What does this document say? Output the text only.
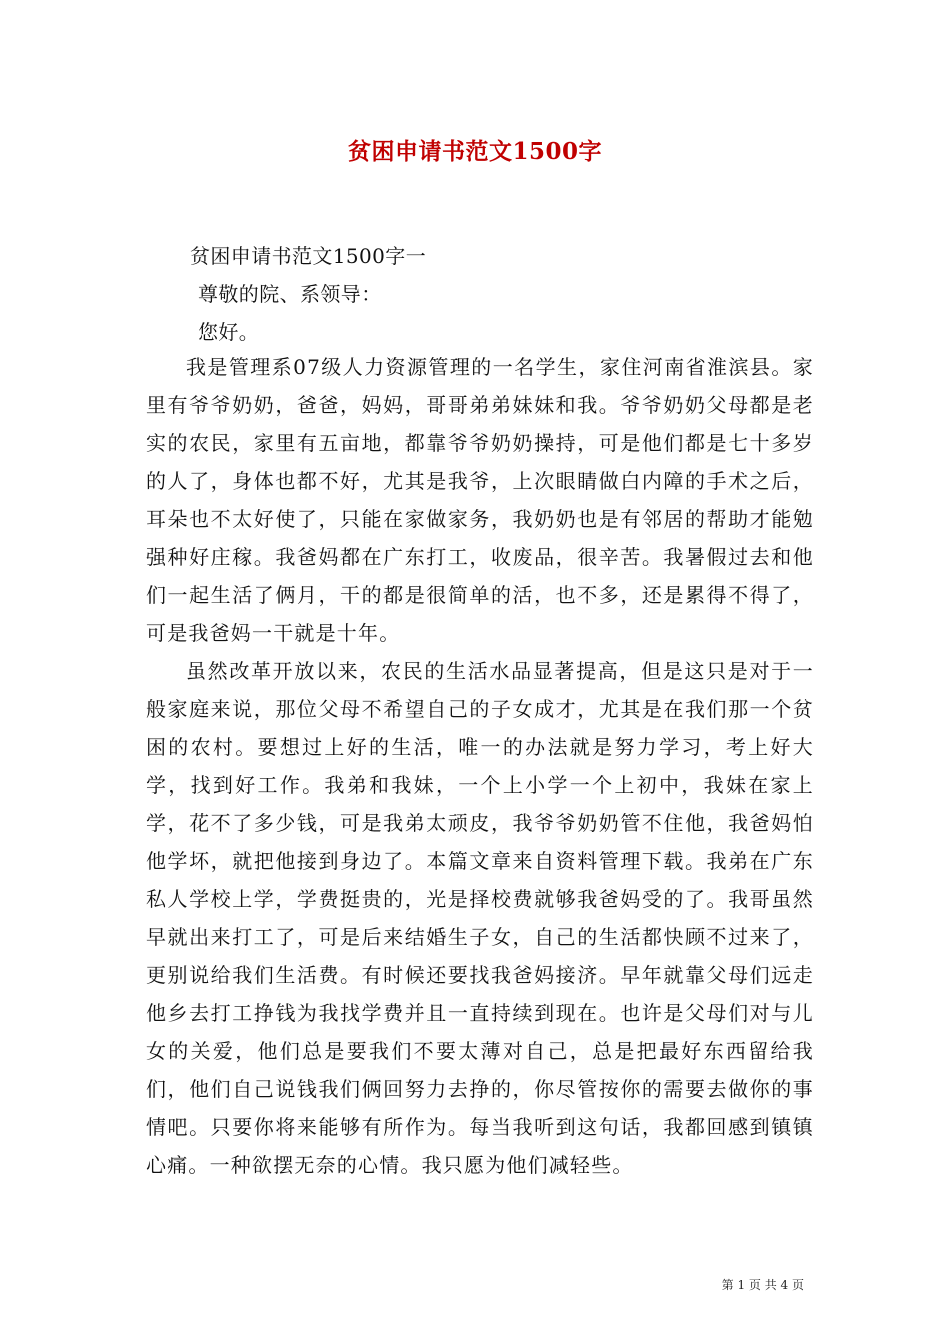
贫困申请书范文1500字
贫困申请书范文1500字一
尊敬的院、系领导：
您好。

我是管理系07级人力资源管理的一名学生，家住河南省淮滨县。家里有爷爷奶奶，爸爸，妈妈，哥哥弟弟妹妹和我。爷爷奶奶父母都是老实的农民，家里有五亩地，都靠爷爷奶奶操持，可是他们都是七十多岁的人了，身体也都不好，尤其是我爷，上次眼睛做白内障的手术之后，耳朵也不太好使了，只能在家做家务，我奶奶也是有邻居的帮助才能勉强种好庄稼。我爸妈都在广东打工，收废品，很辛苦。我暑假过去和他们一起生活了俩月，干的都是很简单的活，也不多，还是累得不得了，可是我爸妈一干就是十年。

虽然改革开放以来，农民的生活水品显著提高，但是这只是对于一般家庭来说，那位父母不希望自己的子女成才，尤其是在我们那一个贫困的农村。要想过上好的生活，唯一的办法就是努力学习，考上好大学，找到好工作。我弟和我妹，一个上小学一个上初中，我妹在家上学，花不了多少钱，可是我弟太顽皮，我爷爷奶奶管不住他，我爸妈怕他学坏，就把他接到身边了。本篇文章来自资料管理下载。我弟在广东私人学校上学，学费挺贵的，光是择校费就够我爸妈受的了。我哥虽然早就出来打工了，可是后来结婚生子女，自己的生活都快顾不过来了，更别说给我们生活费。有时候还要找我爸妈接济。早年就靠父母们远走他乡去打工挣钱为我找学费并且一直持续到现在。也许是父母们对与儿女的关爱，他们总是要我们不要太薄对自己，总是把最好东西留给我们，他们自己说钱我们俩回努力去挣的，你尽管按你的需要去做你的事情吧。只要你将来能够有所作为。每当我听到这句话，我都回感到镇镇心痛。一种欲摆无奈的心情。我只愿为他们减轻些。

第 1 页 共 4 页
